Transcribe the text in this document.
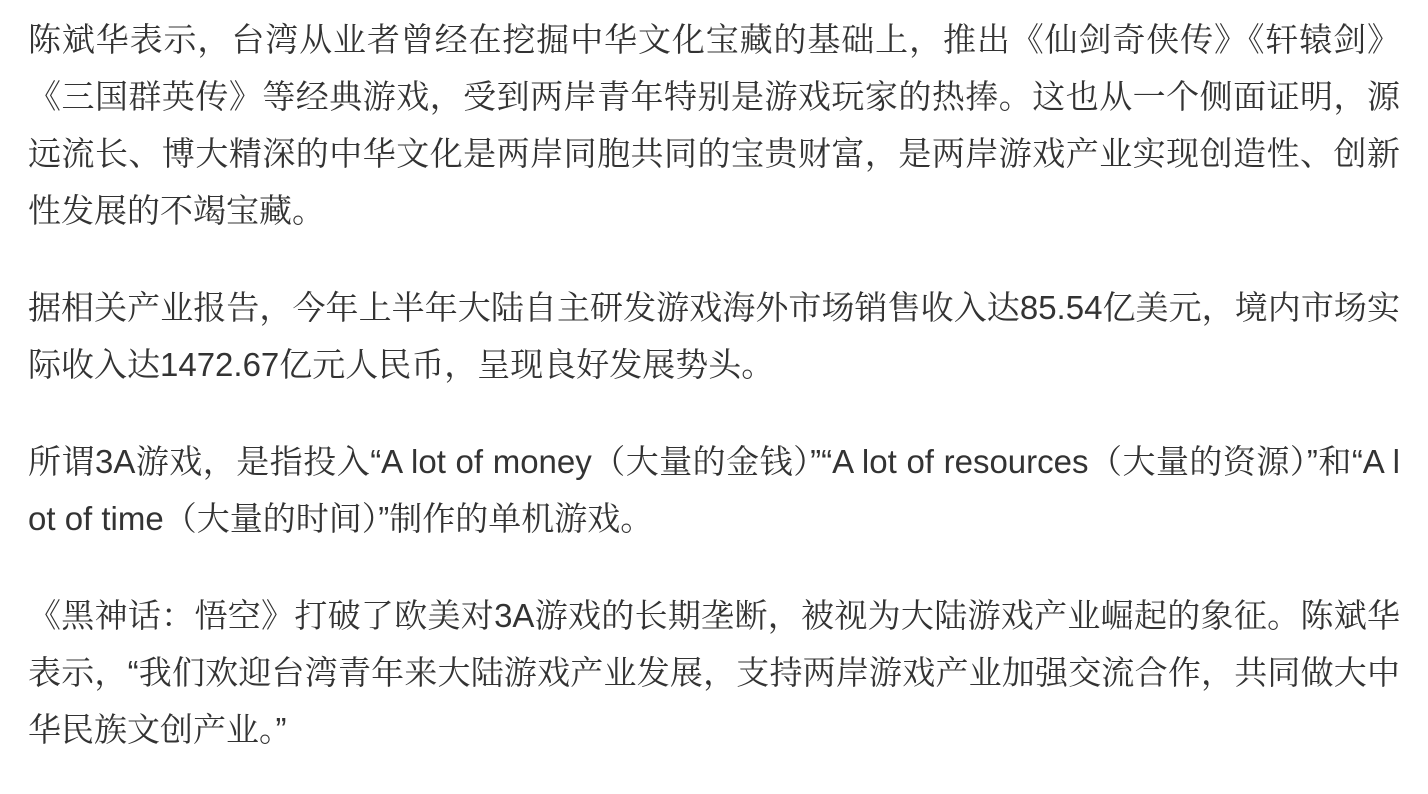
陈斌华表示，台湾从业者曾经在挖掘中华文化宝藏的基础上，推出《仙剑奇侠传》《轩辕剑》《三国群英传》等经典游戏，受到两岸青年特别是游戏玩家的热捧。这也从一个侧面证明，源远流长、博大精深的中华文化是两岸同胞共同的宝贵财富，是两岸游戏产业实现创造性、创新性发展的不竭宝藏。

据相关产业报告，今年上半年大陆自主研发游戏海外市场销售收入达85.54亿美元，境内市场实际收入达1472.67亿元人民币，呈现良好发展势头。

所谓3A游戏，是指投入“A lot of money（大量的金钱）”“A lot of resources（大量的资源）”和“A lot of time（大量的时间）”制作的单机游戏。

《黑神话：悟空》打破了欧美对3A游戏的长期垄断，被视为大陆游戏产业崛起的象征。陈斌华表示，“我们欢迎台湾青年来大陆游戏产业发展，支持两岸游戏产业加强交流合作，共同做大中华民族文创产业。”
